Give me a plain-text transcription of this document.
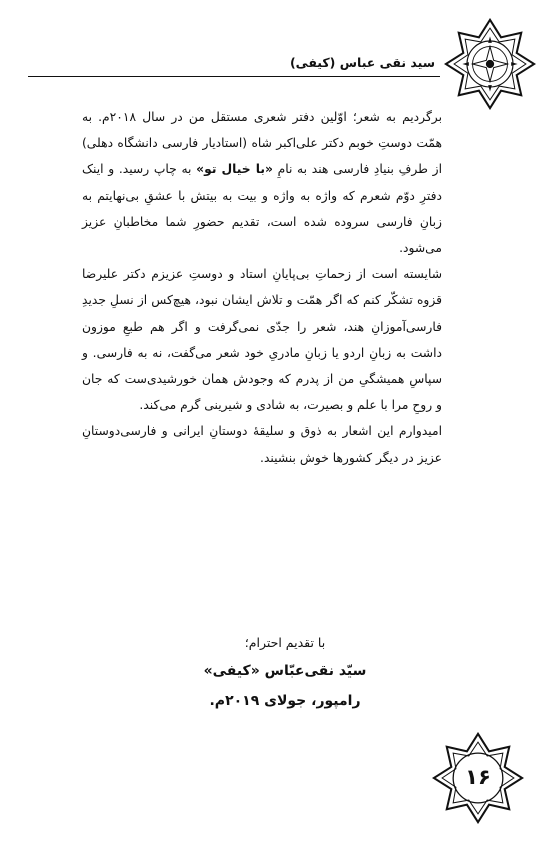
سید نقی عباس (کیفی)

برگردیم به شعر؛ اوّلین دفتر شعری مستقل من در سال ۲۰۱۸م. به همّت دوستِ خوبم دکتر علی‌اکبر شاه (استادیار فارسی دانشگاه دهلی) از طرفِ بنیادِ فارسی هند به نامِ «با خیال تو» به چاپ رسید. و اینک دفترِ دوّم شعرم که واژه به واژه و بیت به بیتش با عشقِ بی‌نهایتم به زبانِ فارسی سروده شده است، تقدیم حضورِ شما مخاطبانِ عزیز می‌شود.

شایسته است از زحماتِ بی‌پایانِ استاد و دوستِ عزیزم دکتر علیرضا قزوه تشکّر کنم که اگر همّت و تلاش ایشان نبود، هیچ‌کس از نسلِ جدیدِ فارسی‌آموزانِ هند، شعر را جدّی نمی‌گرفت و اگر هم طبعِ موزون داشت به زبانِ اردو یا زبانِ مادریِ خود شعر می‌گفت، نه به فارسی. و سپاسِ همیشگیِ من از پدرم که وجودش همان خورشیدی‌ست که جان و روحِ مرا با علم و بصیرت، به شادی و شیرینی گرم می‌کند.

امیدوارم این اشعار به ذوق و سلیقۀ دوستانِ ایرانی و فارسی‌دوستانِ عزیز در دیگر کشورها خوش بنشیند.

با تقدیم احترام؛
سیّد نقی‌عبّاس «کیفی»
رامپور، جولای ۲۰۱۹م.
۱۶
